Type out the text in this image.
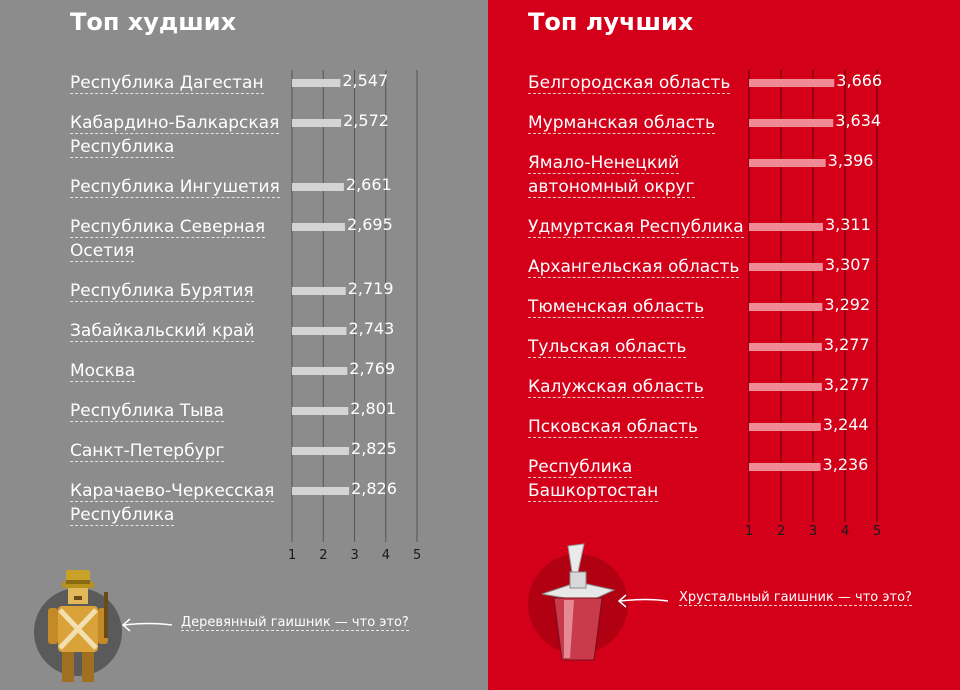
Топ худших
1 2 3 4 5
2,547
Республика Дагестан
2,572
Кабардино-Балкарская
Республика
2,661
Республика Ингушетия
2,695
Республика Северная
Осетия
2,719
Республика Бурятия
2,743
Забайкальский край
2,769
Москва
2,801
Республика Тыва
2,825
Санкт-Петербург
2,826
Карачаево-Черкесская
Республика
Деревянный гаишник — что это?
Топ лучших
1 2 3 4 5
3,666
Белгородская область
3,634
Мурманская область
3,396
Ямало-Ненецкий
автономный округ
3,311
Удмуртская Республика
3,307
Архангельская область
3,292
Тюменская область
3,277
Тульская область
3,277
Калужская область
3,244
Псковская область
3,236
Республика
Башкортостан
Хрустальный гаишник — что это?
